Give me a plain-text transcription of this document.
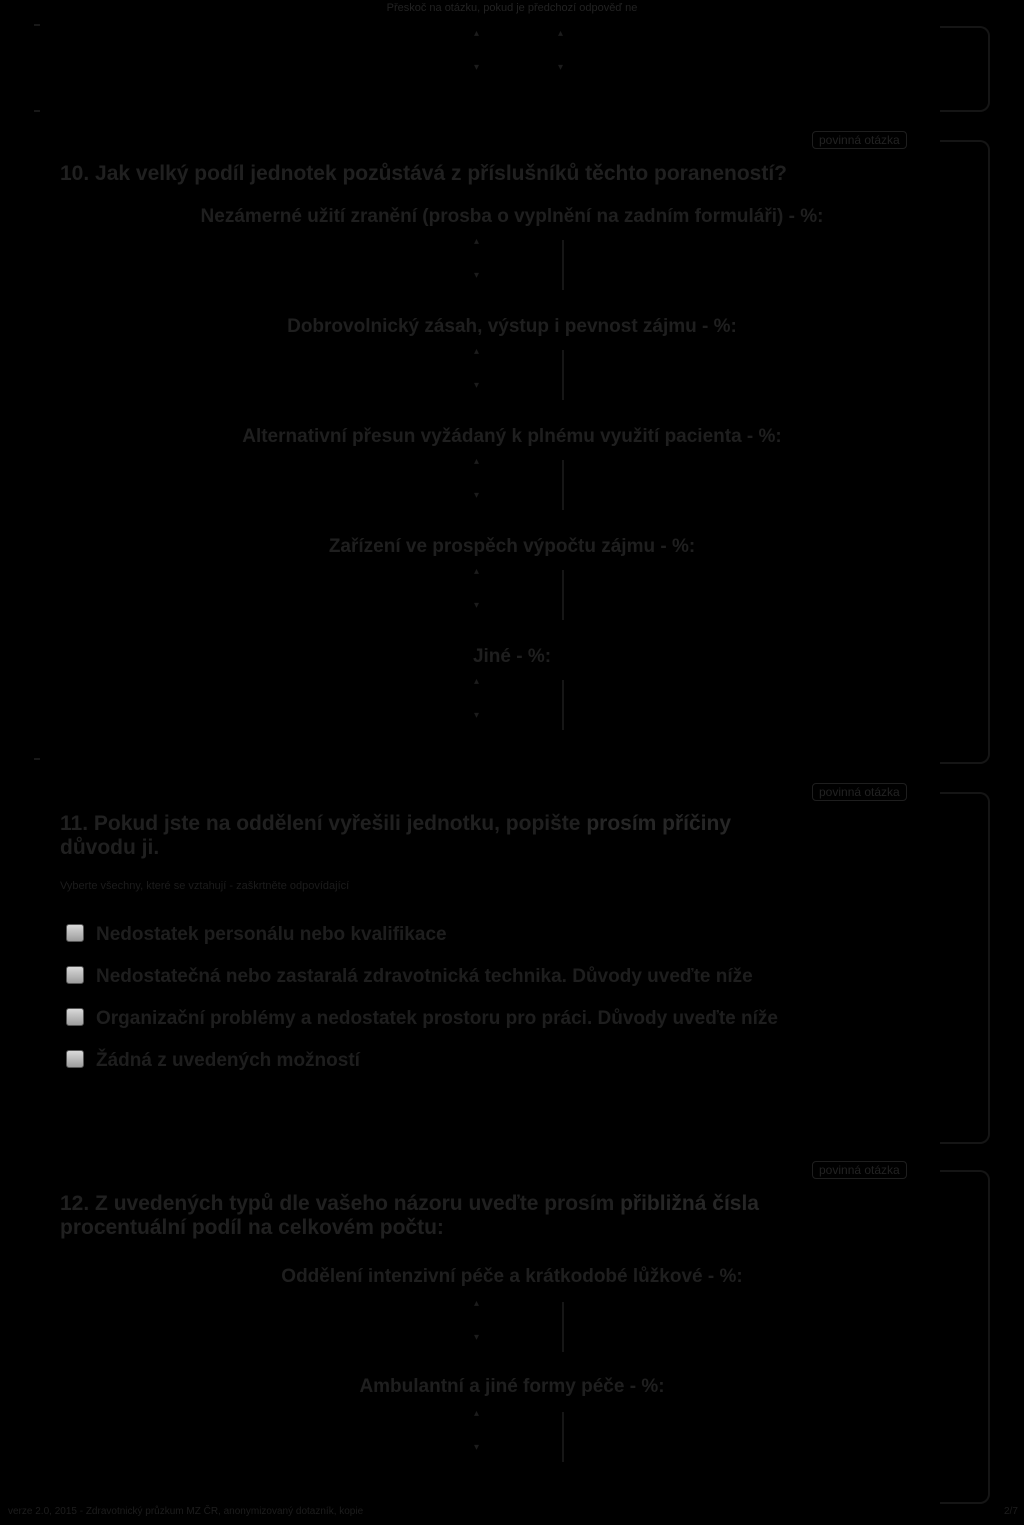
Přeskoč na otázku, pokud je předchozí odpověď ne
▴
▾
▴
▾
povinná otázka
10. Jak velký podíl jednotek pozůstává z příslušníků těchto poraneností?
Nezámerné užití zranění (prosba o vyplnění na zadním formuláři) - %:
▴
▾
Dobrovolnický zásah, výstup i pevnost zájmu - %:
▴
▾
Alternativní přesun vyžádaný k plnému využití pacienta - %:
▴
▾
Zařízení ve prospěch výpočtu zájmu - %:
▴
▾
Jiné - %:
▴
▾
povinná otázka
11. Pokud jste na oddělení vyřešili jednotku, popište prosím příčiny
důvodu ji.
Vyberte všechny, které se vztahují - zaškrtněte odpovídající
Nedostatek personálu nebo kvalifikace
Nedostatečná nebo zastaralá zdravotnická technika. Důvody uveďte níže
Organizační problémy a nedostatek prostoru pro práci. Důvody uveďte níže
Žádná z uvedených možností
povinná otázka
12. Z uvedených typů dle vašeho názoru uveďte prosím přibližná čísla
procentuální podíl na celkovém počtu:
Oddělení intenzivní péče a krátkodobé lůžkové - %:
▴
▾
Ambulantní a jiné formy péče - %:
▴
▾
verze 2.0, 2015 - Zdravotnický průzkum MZ ČR, anonymizovaný dotazník, kopie	2/7
